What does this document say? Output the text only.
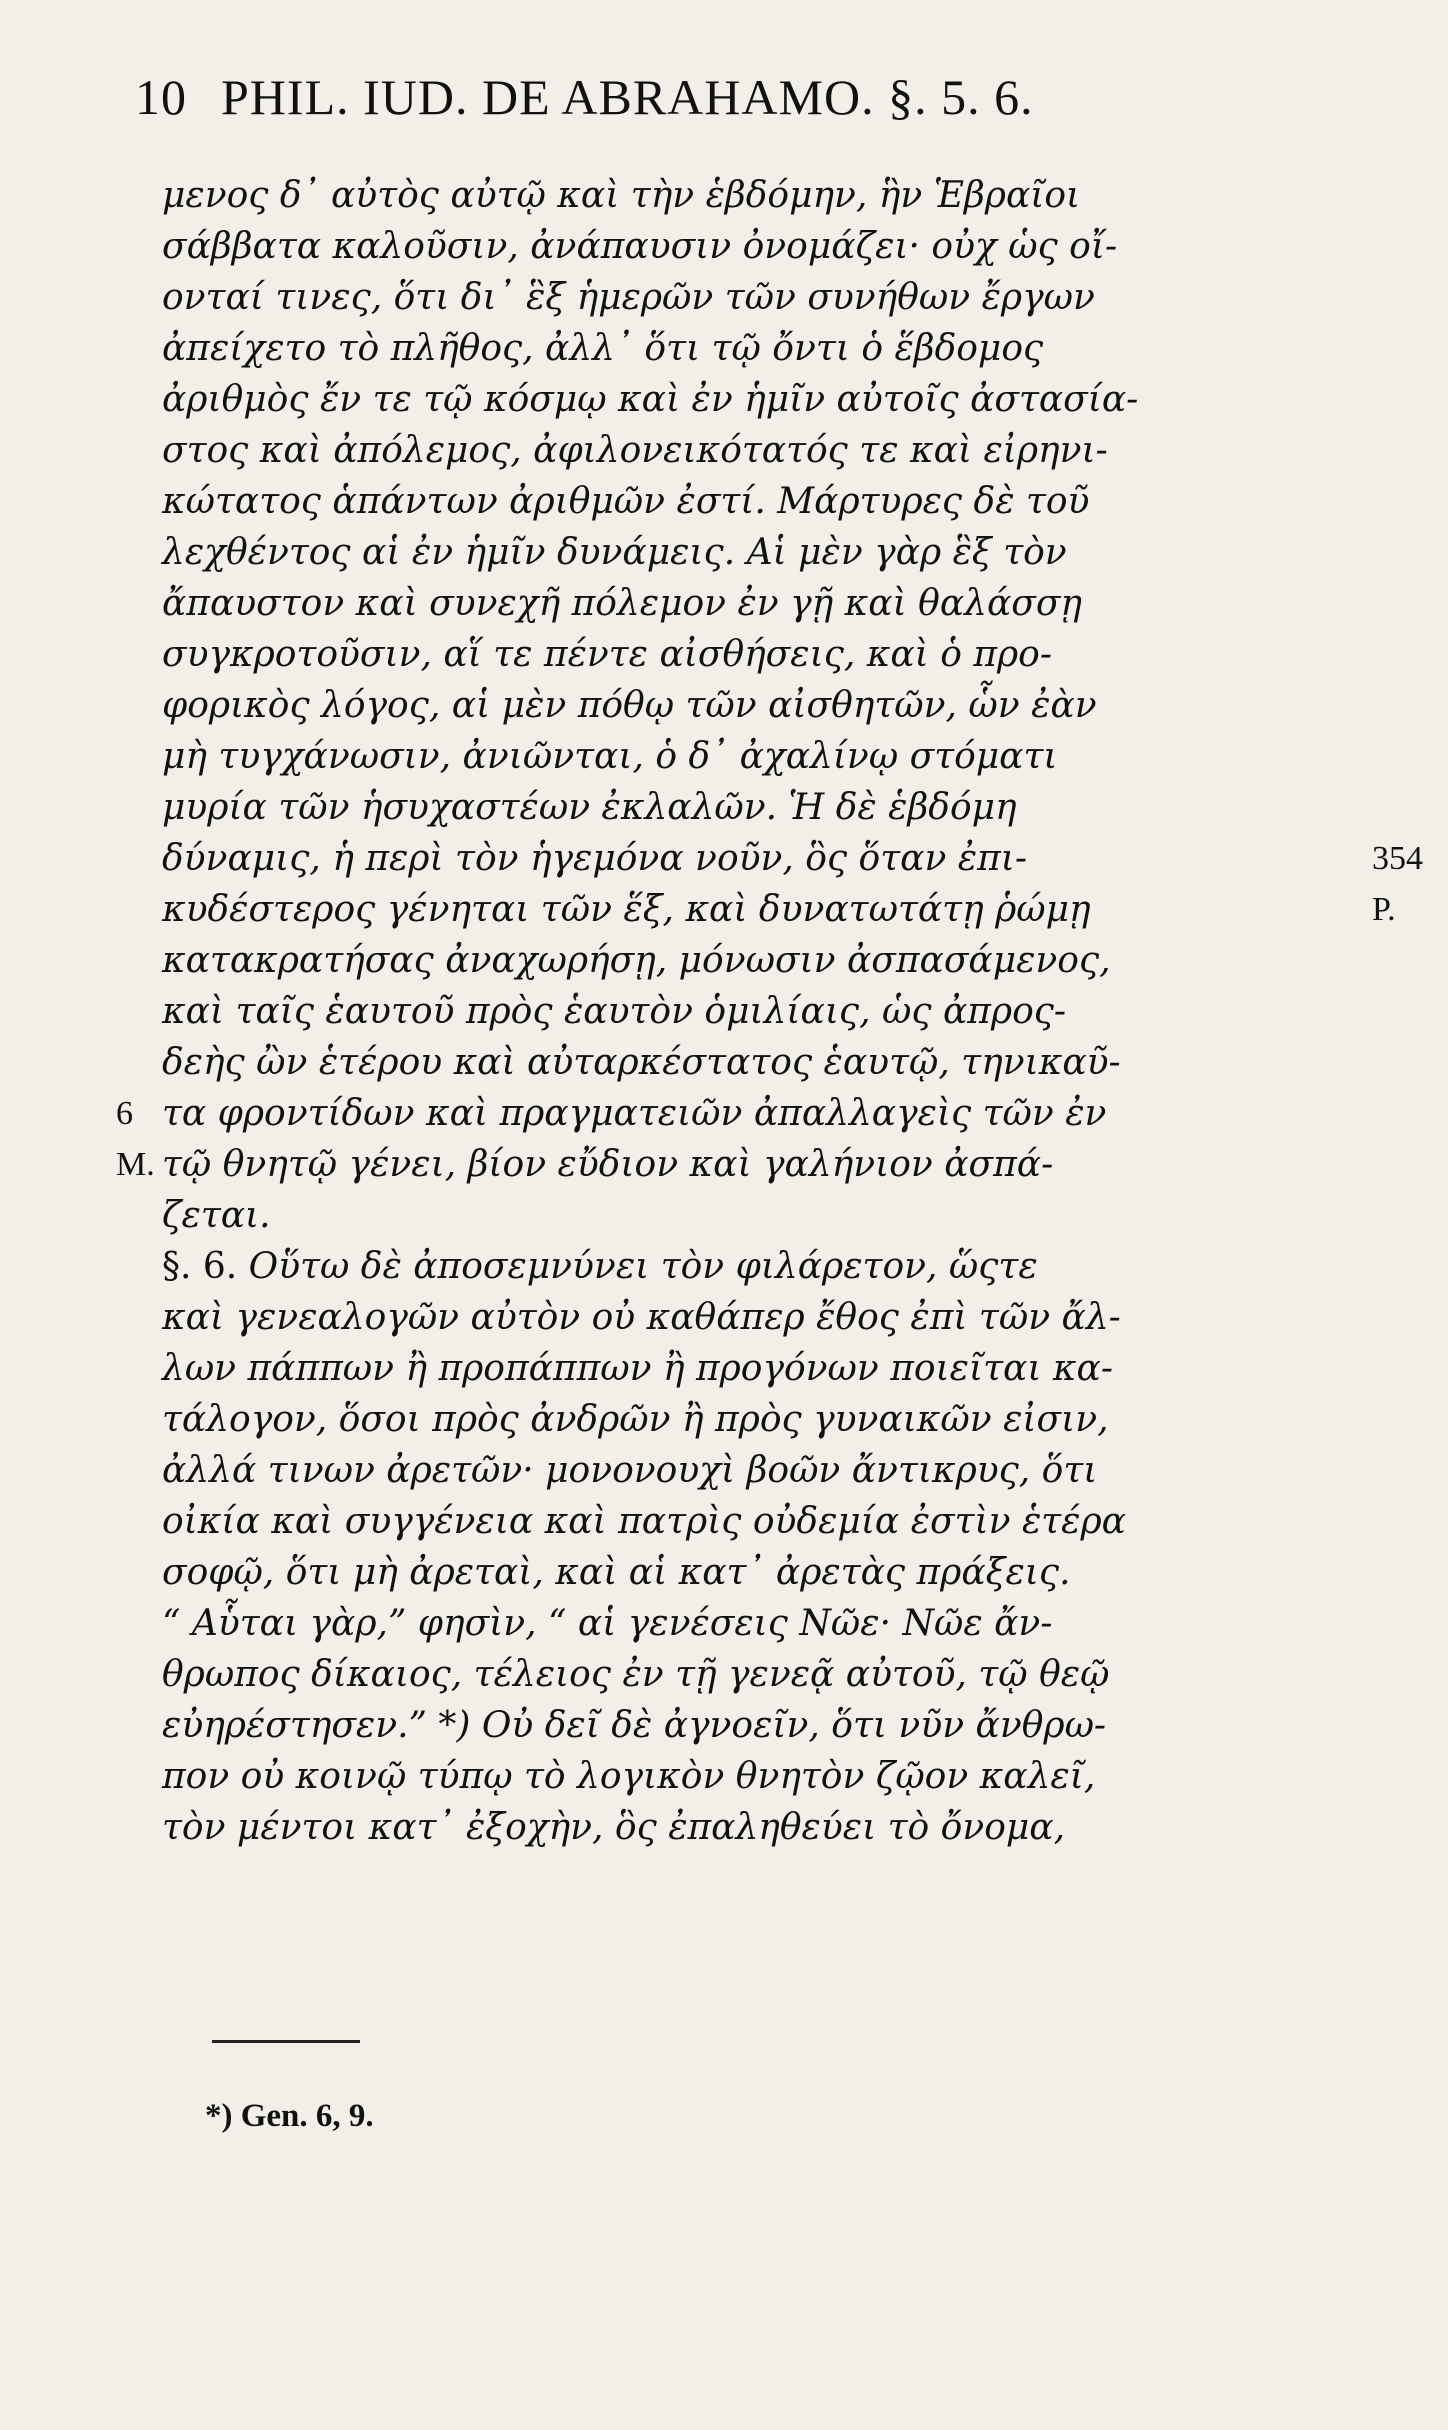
10 PHIL. IUD. DE ABRAHAMO. §. 5. 6.
μενος δ᾿ αὐτὸς αὐτῷ καὶ τὴν ἑβδόμην, ἣν Ἑβραῖοι
σάββατα καλοῦσιν, ἀνάπαυσιν ὀνομάζει· οὐχ ὡς οἴ-
ονταί τινες, ὅτι δι᾿ ἓξ ἡμερῶν τῶν συνήθων ἔργων
ἀπείχετο τὸ πλῆθος, ἀλλ᾿ ὅτι τῷ ὄντι ὁ ἕβδομος
ἀριθμὸς ἔν τε τῷ κόσμῳ καὶ ἐν ἡμῖν αὐτοῖς ἀστασία-
στος καὶ ἀπόλεμος, ἀφιλονεικότατός τε καὶ εἰρηνι-
κώτατος ἁπάντων ἀριθμῶν ἐστί. Μάρτυρες δὲ τοῦ
λεχθέντος αἱ ἐν ἡμῖν δυνάμεις. Αἱ μὲν γὰρ ἓξ τὸν
ἄπαυστον καὶ συνεχῆ πόλεμον ἐν γῇ καὶ θαλάσσῃ
συγκροτοῦσιν, αἵ τε πέντε αἰσθήσεις, καὶ ὁ προ-
φορικὸς λόγος, αἱ μὲν πόθῳ τῶν αἰσθητῶν, ὧν ἐὰν
μὴ τυγχάνωσιν, ἀνιῶνται, ὁ δ᾿ ἀχαλίνῳ στόματι
μυρία τῶν ἡσυχαστέων ἐκλαλῶν. Ἡ δὲ ἑβδόμη
δύναμις, ἡ περὶ τὸν ἡγεμόνα νοῦν, ὃς ὅταν ἐπι-	354
κυδέστερος γένηται τῶν ἕξ, καὶ δυνατωτάτῃ ῥώμῃ	P.
κατακρατήσας ἀναχωρήσῃ, μόνωσιν ἀσπασάμενος,
καὶ ταῖς ἑαυτοῦ πρὸς ἑαυτὸν ὁμιλίαις, ὡς ἀπρος-
δεὴς ὢν ἑτέρου καὶ αὐταρκέστατος ἑαυτῷ, τηνικαῦ-
6 τα φροντίδων καὶ πραγματειῶν ἀπαλλαγεὶς τῶν ἐν
M. τῷ θνητῷ γένει, βίον εὔδιον καὶ γαλήνιον ἀσπά-
ζεται.
§. 6. Οὕτω δὲ ἀποσεμνύνει τὸν φιλάρετον, ὥςτε
καὶ γενεαλογῶν αὐτὸν οὐ καθάπερ ἔθος ἐπὶ τῶν ἄλ-
λων πάππων ἢ προπάππων ἢ προγόνων ποιεῖται κα-
τάλογον, ὅσοι πρὸς ἀνδρῶν ἢ πρὸς γυναικῶν εἰσιν,
ἀλλά τινων ἀρετῶν· μονονουχὶ βοῶν ἄντικρυς, ὅτι
οἰκία καὶ συγγένεια καὶ πατρὶς οὐδεμία ἐστὶν ἑτέρα
σοφῷ, ὅτι μὴ ἀρεταὶ, καὶ αἱ κατ᾿ ἀρετὰς πράξεις.
“ Αὗται γὰρ,” φησὶν, “ αἱ γενέσεις Νῶε· Νῶε ἄν-
θρωπος δίκαιος, τέλειος ἐν τῇ γενεᾷ αὐτοῦ, τῷ θεῷ
εὐηρέστησεν.” *) Οὐ δεῖ δὲ ἀγνοεῖν, ὅτι νῦν ἄνθρω-
πον οὐ κοινῷ τύπῳ τὸ λογικὸν θνητὸν ζῷον καλεῖ,
τὸν μέντοι κατ᾿ ἐξοχὴν, ὃς ἐπαληθεύει τὸ ὄνομα,
*) Gen. 6, 9.
